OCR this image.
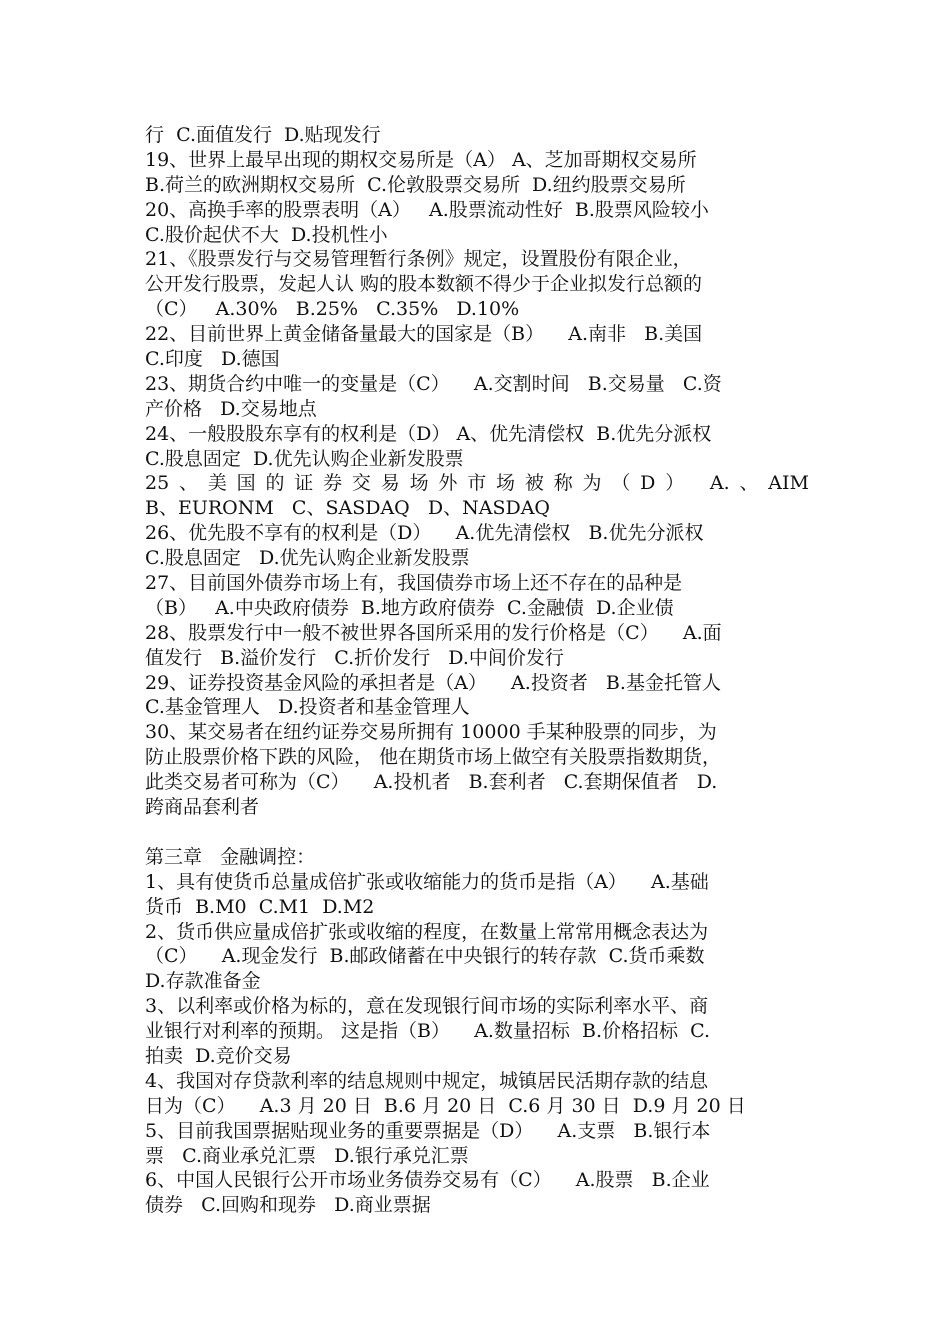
行  C.面值发行  D.贴现发行
19、世界上最早出现的期权交易所是（A） A、芝加哥期权交易所
B.荷兰的欧洲期权交易所  C.伦敦股票交易所  D.纽约股票交易所
20、高换手率的股票表明（A）   A.股票流动性好  B.股票风险较小
C.股价起伏不大  D.投机性小
21、《股票发行与交易管理暂行条例》规定，设置股份有限企业，
公开发行股票，发起人认 购的股本数额不得少于企业拟发行总额的
（C）   A.30%   B.25%   C.35%   D.10%
22、目前世界上黄金储备量最大的国家是（B）    A.南非   B.美国
C.印度   D.德国
23、期货合约中唯一的变量是（C）    A.交割时间   B.交易量   C.资
产价格   D.交易地点
24、一般股股东享有的权利是（D） A、优先清偿权  B.优先分派权
C.股息固定  D.优先认购企业新发股票
25、美国的证券交易场外市场被称为（D） A.、AIM
B、EURONM   C、SASDAQ   D、NASDAQ
26、优先股不享有的权利是（D）    A.优先清偿权   B.优先分派权
C.股息固定   D.优先认购企业新发股票
27、目前国外债券市场上有，我国债券市场上还不存在的品种是
（B）   A.中央政府债券  B.地方政府债券  C.金融债  D.企业债
28、股票发行中一般不被世界各国所采用的发行价格是（C）    A.面
值发行   B.溢价发行   C.折价发行   D.中间价发行
29、证券投资基金风险的承担者是（A）    A.投资者   B.基金托管人
C.基金管理人   D.投资者和基金管理人
30、某交易者在纽约证券交易所拥有 10000 手某种股票的同步，为
防止股票价格下跌的风险， 他在期货市场上做空有关股票指数期货，
此类交易者可称为（C）    A.投机者   B.套利者   C.套期保值者   D.
跨商品套利者
第三章   金融调控：
1、具有使货币总量成倍扩张或收缩能力的货币是指（A）    A.基础
货币  B.M0  C.M1  D.M2
2、货币供应量成倍扩张或收缩的程度，在数量上常常用概念表达为
（C）    A.现金发行  B.邮政储蓄在中央银行的转存款  C.货币乘数
D.存款准备金
3、以利率或价格为标的，意在发现银行间市场的实际利率水平、商
业银行对利率的预期。 这是指（B）    A.数量招标  B.价格招标  C.
拍卖  D.竞价交易
4、我国对存贷款利率的结息规则中规定，城镇居民活期存款的结息
日为（C）    A.3 月 20 日  B.6 月 20 日  C.6 月 30 日  D.9 月 20 日
5、目前我国票据贴现业务的重要票据是（D）    A.支票   B.银行本
票   C.商业承兑汇票   D.银行承兑汇票
6、中国人民银行公开市场业务债券交易有（C）    A.股票   B.企业
债券   C.回购和现券   D.商业票据
